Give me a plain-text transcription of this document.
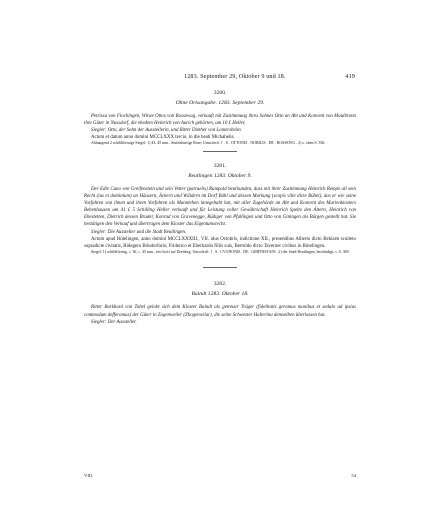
1283. September 29, Oktober 9 und 18.	419

3280.

Ohne Ortsangabe. 1283. September 29.

Petrissa von Flochingen, Witwe Ottos von Rossewag, verkauft mit Zustimmung ihres Sohnes Otto an Abt und Konvent von Maulbronn ihre Güter in Nussdorf, die ehedem Heinrich von Aurich gehörten, um 10 £ Heller.

Siegler: Otto, der Sohn der Ausstellerin, und Ritter Diether von Lomersheim.

Actum et datum anno domini MCCLXXX tercio, in die beati Michahelis.

Abhangend 2 schildförmige Siegel: 1) 43, 45 mm., Stufenbürtige Rose; Umschrift: † . S . OTTONIS . NOBILIS . DE . ROSSEWG . 2) s. oben S. 356.

3281.

Reutlingen 1283. Oktober 9.

Der Edle Cuno von Greifenstein und sein Vetter (patruelis) Rumpold beurkunden, dass mit ihrer Zustimmung Heinrich Rempe all sein Recht (ius et dominium) an Häusern, Äckern und Wäldern im Dorf Bühl und dessen Markung (scopis ville dicte Bühel), das er wie seine Vorfahren von ihnen und ihren Vorfahren als Mannlehen innegehabt hat, mit aller Zugehörde an Abt und Konvent des Marienklosters Bebenhausen um 41 £ 5 Schilling Heller verkauft und für Leistung voller Gewährschaft Heinrich Spelte den Ältern, Heinrich von Ehestetten, Dietrich dessen Bruder, Konrad von Gravenegge, Rüdiger von Pfullingen und Otto von Giningen als Bürgen gestellt hat. Sie bestätigen den Verkauf und übertragen dem Kloster das Eigentumsrecht.

Siegler: Die Aussteller und die Stadt Reutlingen.

Actum apud Rütelingen, anno domini MCCLXXXIII., VII. idus Octobris, indictione XII., presentibus Alberto dicto Behizen sculteto supradicte civitatis, Ridegero Böndorfario, Friderico et Eberhardo filiis suis, Bertoldo dicto Taverner civibus in Rütelingen.

Siegel: 1) schildförmig, c. 36, c. 45 mm., ein Greif auf Dreiberg; Umschrift: † . S . CVONONIS . DE . GRIFINSTAIN . 2) der Stadt Reutlingen, beschädigt, s. S. 369.

3282.

Baindt 1283. Oktober 18.

Ritter Burkhard von Tobel gelobt sich dem Kloster Baindt als getreuer Träger (fidelitatis geramus manibus et sedulo ad ipsius commodum defferamus) der Güter in Zogenweiler (Zhogenwilar), die seine Schwester Hallerina demselben überlassen hat.

Siegler: Der Aussteller.

VIII.	54
